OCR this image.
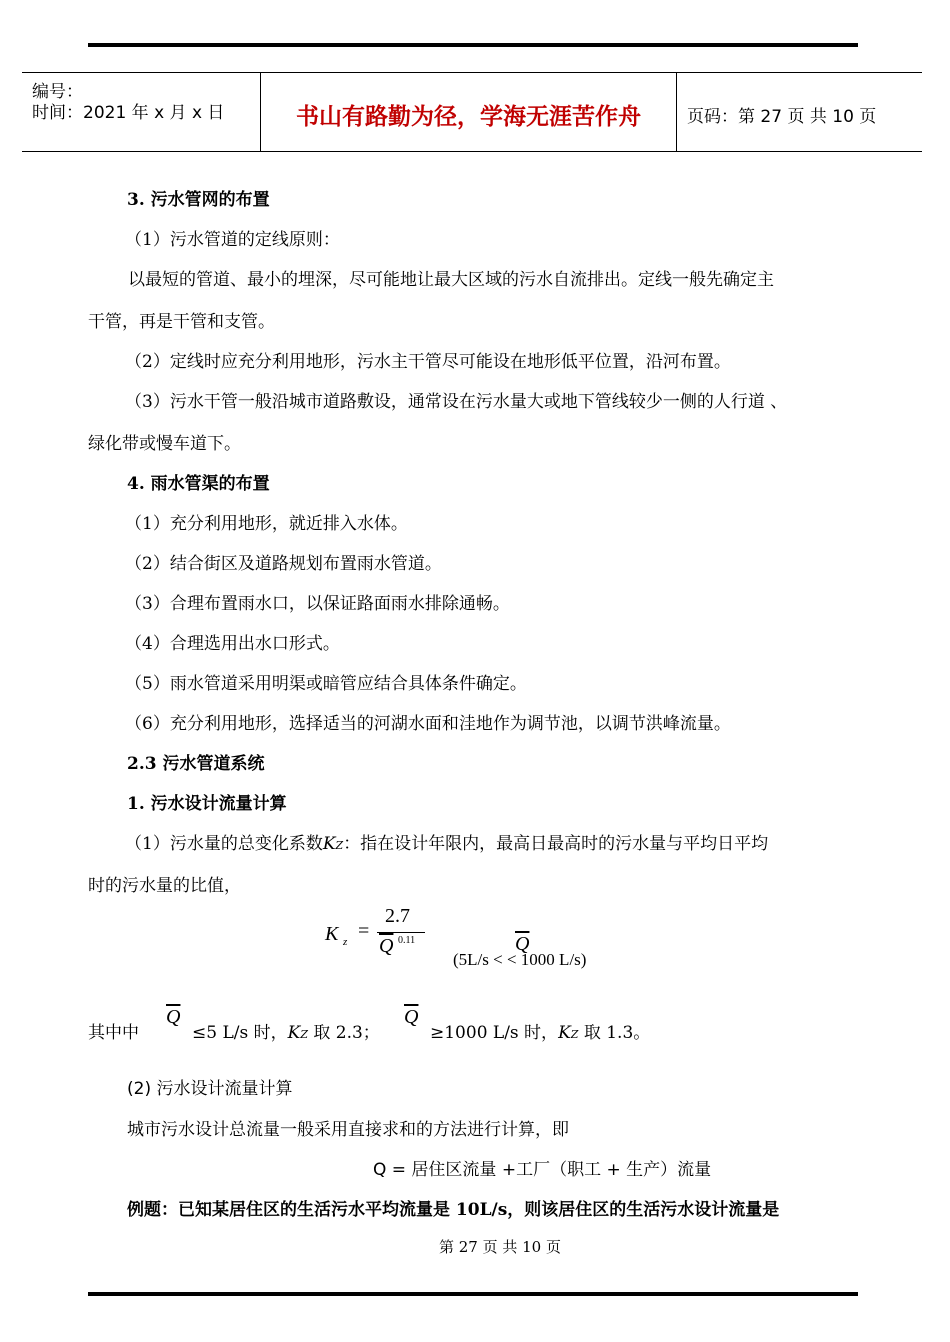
编号：
时间：2021 年 x 月 x 日	书山有路勤为径，学海无涯苦作舟	页码：第 27 页 共 10 页
3. 污水管网的布置
（1）污水管道的定线原则：
以最短的管道、最小的埋深，尽可能地让最大区域的污水自流排出。定线一般先确定主
干管，再是干管和支管。
（2）定线时应充分利用地形，污水主干管尽可能设在地形低平位置，沿河布置。
（3）污水干管一般沿城市道路敷设，通常设在污水量大或地下管线较少一侧的人行道 、
绿化带或慢车道下。
4. 雨水管渠的布置
（1）充分利用地形，就近排入水体。
（2）结合街区及道路规划布置雨水管道。
（3）合理布置雨水口，以保证路面雨水排除通畅。
（4）合理选用出水口形式。
（5）雨水管道采用明渠或暗管应结合具体条件确定。
（6）充分利用地形，选择适当的河湖水面和洼地作为调节池，以调节洪峰流量。
2.3 污水管道系统
1. 污水设计流量计算
（1）污水量的总变化系数KZ：指在设计年限内，最高日最高时的污水量与平均日平均
时的污水量的比值，
K z =
2.7
$\overline{Q}$ 0.11
(5L/s < < 1000 L/s)
$\overline{Q}$
其中中
$\overline{Q}$
≤5 L/s 时，KZ 取 2.3；
$\overline{Q}$
≥1000 L/s 时，KZ 取 1.3。
(2) 污水设计流量计算
城市污水设计总流量一般采用直接求和的方法进行计算，即
Q = 居住区流量 +工厂（职工 + 生产）流量
例题：已知某居住区的生活污水平均流量是 10L/s，则该居住区的生活污水设计流量是
第 27 页 共 10 页
